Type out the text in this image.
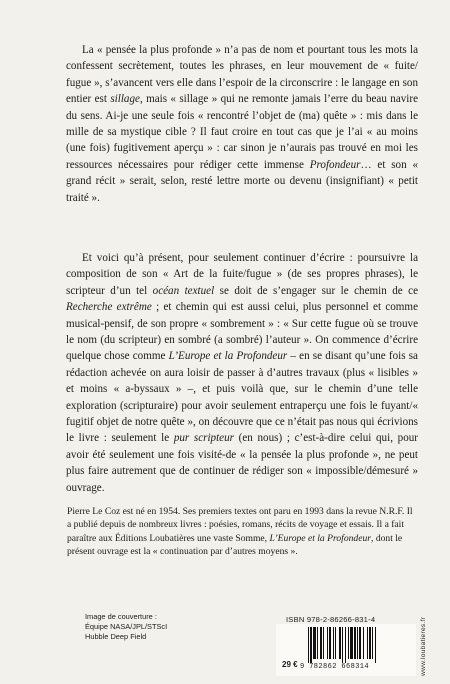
La « pensée la plus profonde » n’a pas de nom et pourtant tous les mots la confessent secrètement, toutes les phrases, en leur mouvement de « fuite/ fugue », s’avancent vers elle dans l’espoir de la circonscrire : le langage en son entier est sillage, mais « sillage » qui ne remonte jamais l’erre du beau navire du sens. Ai-je une seule fois « rencontré l’objet de (ma) quête » : mis dans le mille de sa mystique cible ? Il faut croire en tout cas que je l’ai « au moins (une fois) fugitivement aperçu » : car sinon je n’aurais pas trouvé en moi les ressources nécessaires pour rédiger cette immense Profondeur… et son « grand récit » serait, selon, resté lettre morte ou devenu (insignifiant) « petit traité ».

Et voici qu’à présent, pour seulement continuer d’écrire : poursuivre la composition de son « Art de la fuite/fugue » (de ses propres phrases), le scripteur d’un tel océan textuel se doit de s’engager sur le chemin de ce Recherche extrême ; et chemin qui est aussi celui, plus personnel et comme musical-pensif, de son propre « sombrement » : « Sur cette fugue où se trouve le nom (du scripteur) en sombré (a sombré) l’auteur ». On commence d’écrire quelque chose comme L’Europe et la Profondeur – en se disant qu’une fois sa rédaction achevée on aura loisir de passer à d’autres travaux (plus « lisibles » et moins « a-byssaux » –, et puis voilà que, sur le chemin d’une telle exploration (scripturaire) pour avoir seulement entraperçu une fois le fuyant/« fugitif objet de notre quête », on découvre que ce n’était pas nous qui écrivions le livre : seulement le pur scripteur (en nous) ; c’est-à-dire celui qui, pour avoir été seulement une fois visité-de « la pensée la plus profonde », ne peut plus faire autrement que de continuer de rédiger son « impossible/démesuré » ouvrage.

Pierre Le Coz est né en 1954. Ses premiers textes ont paru en 1993 dans la revue N.R.F. Il a publié depuis de nombreux livres : poésies, romans, récits de voyage et essais. Il a fait paraître aux Éditions Loubatières une vaste Somme, L’Europe et la Profondeur, dont le présent ouvrage est la « continuation par d’autres moyens ».

Image de couverture :
Équipe NASA/JPL/STScI
Hubble Deep Field
ISBN 978-2-86266-831-4
9 782862 668314
29 €	www.loubatieres.fr
